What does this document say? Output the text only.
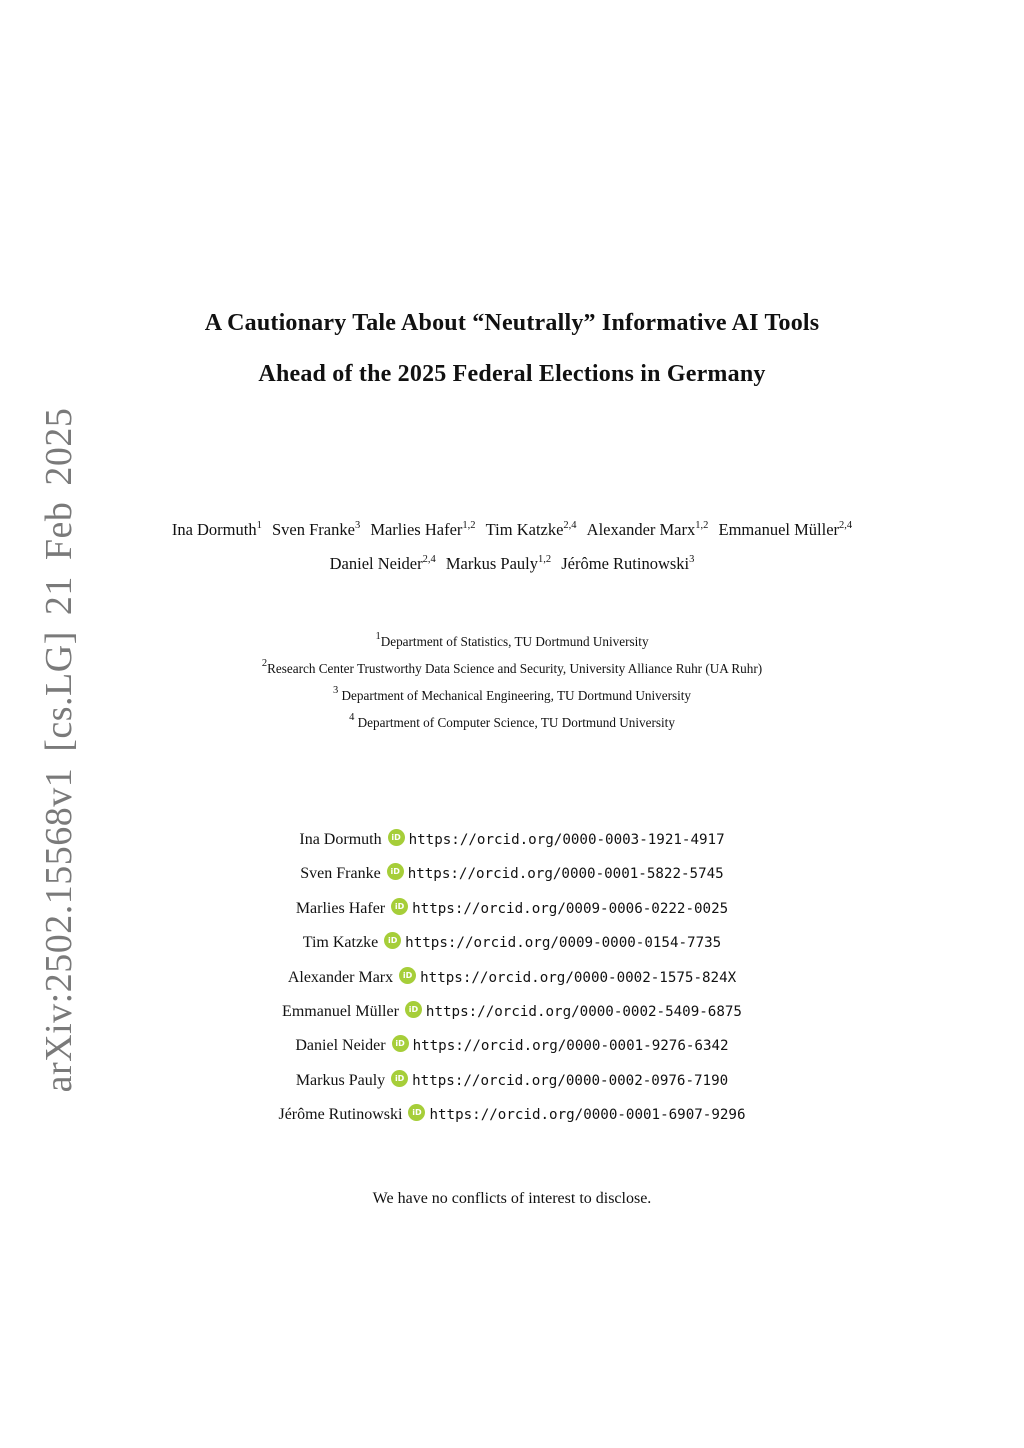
arXiv:2502.15568v1 [cs.LG] 21 Feb 2025
A Cautionary Tale About “Neutrally” Informative AI Tools
Ahead of the 2025 Federal Elections in Germany
Ina Dormuth$^1$ Sven Franke$^3$ Marlies Hafer$^{1,2}$ Tim Katzke$^{2,4}$ Alexander Marx$^{1,2}$ Emmanuel Müller$^{2,4}$
Daniel Neider$^{2,4}$ Markus Pauly$^{1,2}$ Jérôme Rutinowski$^3$
$^1$Department of Statistics, TU Dortmund University
$^2$Research Center Trustworthy Data Science and Security, University Alliance Ruhr (UA Ruhr)
$^3$ Department of Mechanical Engineering, TU Dortmund University
$^4$ Department of Computer Science, TU Dortmund University
Ina Dormuth iD https://orcid.org/0000-0003-1921-4917
Sven Franke iD https://orcid.org/0000-0001-5822-5745
Marlies Hafer iD https://orcid.org/0009-0006-0222-0025
Tim Katzke iD https://orcid.org/0009-0000-0154-7735
Alexander Marx iD https://orcid.org/0000-0002-1575-824X
Emmanuel Müller iD https://orcid.org/0000-0002-5409-6875
Daniel Neider iD https://orcid.org/0000-0001-9276-6342
Markus Pauly iD https://orcid.org/0000-0002-0976-7190
Jérôme Rutinowski iD https://orcid.org/0000-0001-6907-9296
We have no conflicts of interest to disclose.
